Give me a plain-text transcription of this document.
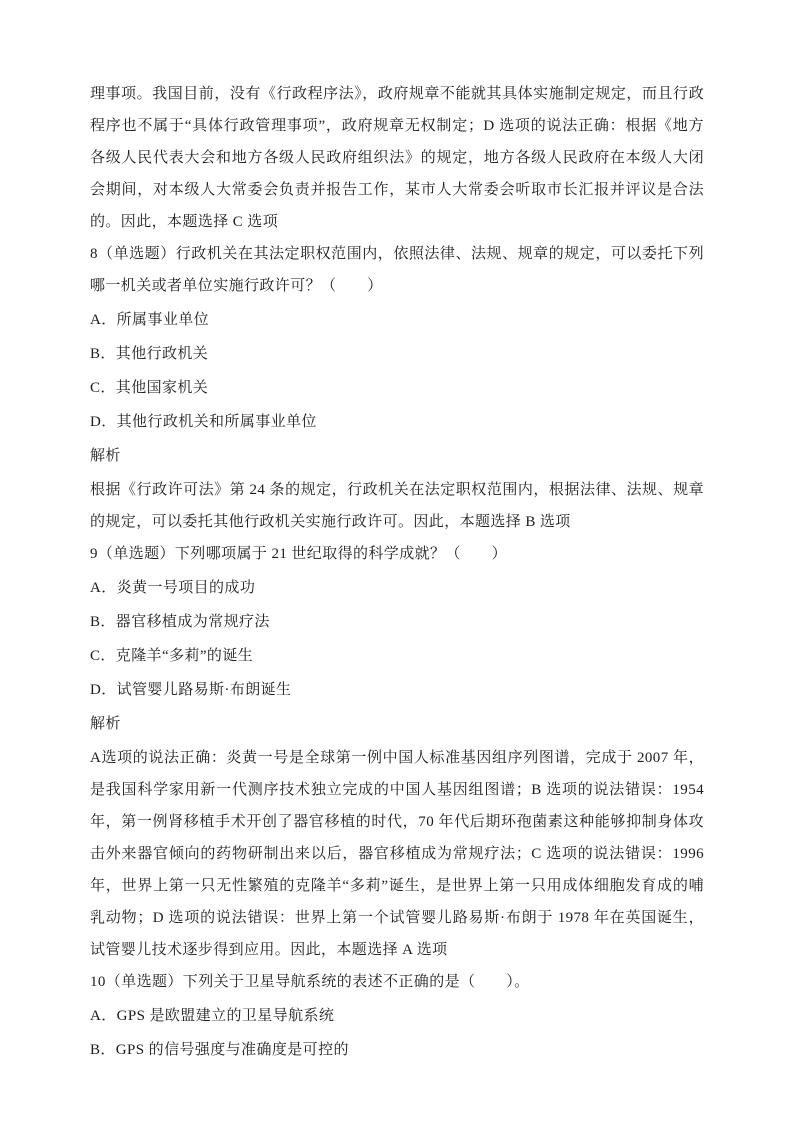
理事项。我国目前，没有《行政程序法》，政府规章不能就其具体实施制定规定，而且行政程序也不属于“具体行政管理事项”，政府规章无权制定；D 选项的说法正确：根据《地方各级人民代表大会和地方各级人民政府组织法》的规定，地方各级人民政府在本级人大闭会期间，对本级人大常委会负责并报告工作，某市人大常委会听取市长汇报并评议是合法的。因此，本题选择 C 选项
8（单选题）行政机关在其法定职权范围内，依照法律、法规、规章的规定，可以委托下列哪一机关或者单位实施行政许可？（　　）
A．所属事业单位
B．其他行政机关
C．其他国家机关
D．其他行政机关和所属事业单位
解析
根据《行政许可法》第 24 条的规定，行政机关在法定职权范围内，根据法律、法规、规章的规定，可以委托其他行政机关实施行政许可。因此，本题选择 B 选项
9（单选题）下列哪项属于 21 世纪取得的科学成就？（　　）
A．炎黄一号项目的成功
B．器官移植成为常规疗法
C．克隆羊“多莉”的诞生
D．试管婴儿路易斯·布朗诞生
解析
A选项的说法正确：炎黄一号是全球第一例中国人标准基因组序列图谱，完成于 2007 年，是我国科学家用新一代测序技术独立完成的中国人基因组图谱；B 选项的说法错误：1954 年，第一例肾移植手术开创了器官移植的时代，70 年代后期环孢菌素这种能够抑制身体攻击外来器官倾向的药物研制出来以后，器官移植成为常规疗法；C 选项的说法错误：1996 年，世界上第一只无性繁殖的克隆羊“多莉”诞生，是世界上第一只用成体细胞发育成的哺乳动物；D 选项的说法错误：世界上第一个试管婴儿路易斯·布朗于 1978 年在英国诞生，试管婴儿技术逐步得到应用。因此，本题选择 A 选项
10（单选题）下列关于卫星导航系统的表述不正确的是（　　）。
A．GPS 是欧盟建立的卫星导航系统
B．GPS 的信号强度与准确度是可控的
